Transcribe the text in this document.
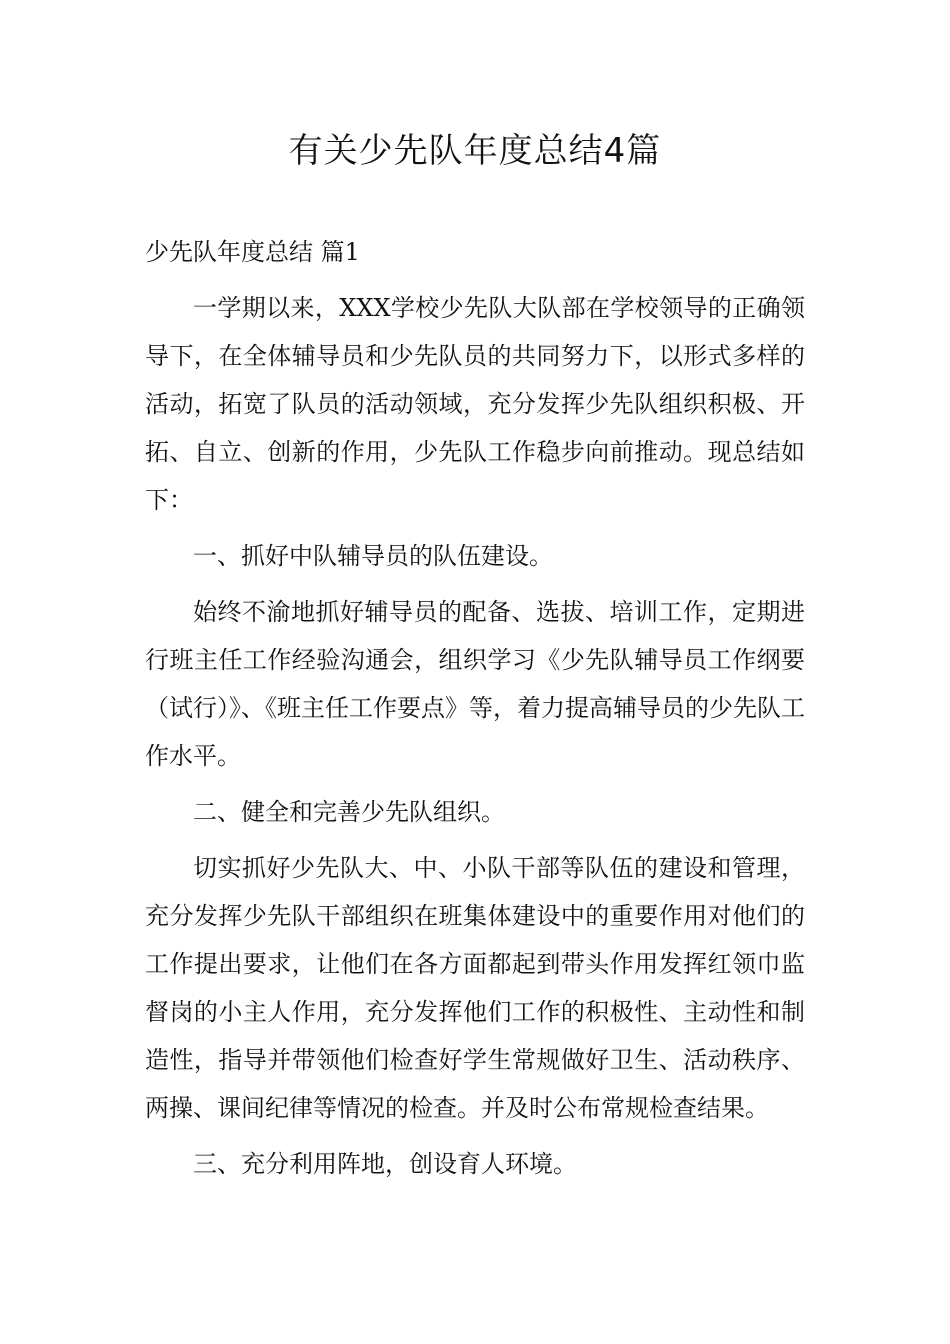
有关少先队年度总结4篇

少先队年度总结 篇1

一学期以来，XXX学校少先队大队部在学校领导的正确领导下，在全体辅导员和少先队员的共同努力下，以形式多样的活动，拓宽了队员的活动领域，充分发挥少先队组织积极、开拓、自立、创新的作用，少先队工作稳步向前推动。现总结如下：

一、抓好中队辅导员的队伍建设。

始终不渝地抓好辅导员的配备、选拔、培训工作，定期进行班主任工作经验沟通会，组织学习《少先队辅导员工作纲要（试行）》、《班主任工作要点》等，着力提高辅导员的少先队工作水平。

二、健全和完善少先队组织。

切实抓好少先队大、中、小队干部等队伍的建设和管理，充分发挥少先队干部组织在班集体建设中的重要作用对他们的工作提出要求，让他们在各方面都起到带头作用发挥红领巾监督岗的小主人作用，充分发挥他们工作的积极性、主动性和制造性，指导并带领他们检查好学生常规做好卫生、活动秩序、两操、课间纪律等情况的检查。并及时公布常规检查结果。

三、充分利用阵地，创设育人环境。
